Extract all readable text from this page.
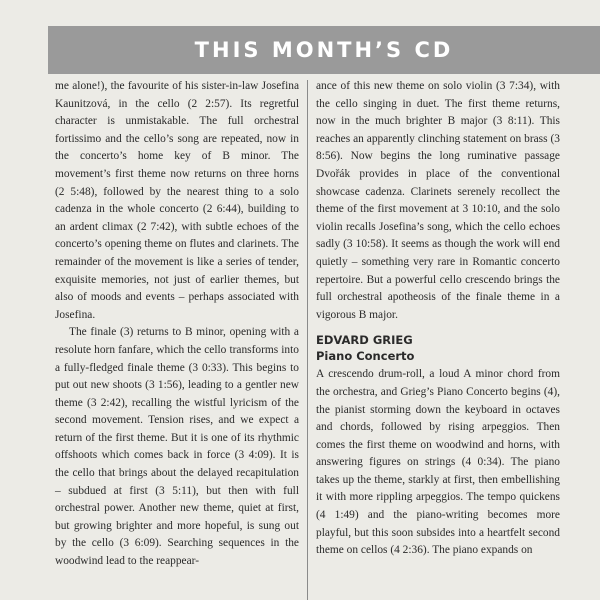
THIS MONTH’S CD

me alone!), the favourite of his sister-in-law Josefina Kaunitzová, in the cello (2 2:57). Its regretful character is unmistakable. The full orchestral fortissimo and the cello’s song are repeated, now in the concerto’s home key of B minor. The movement’s first theme now returns on three horns (2 5:48), followed by the nearest thing to a solo cadenza in the whole concerto (2 6:44), building to an ardent climax (2 7:42), with subtle echoes of the concerto’s opening theme on flutes and clarinets. The remainder of the movement is like a series of tender, exquisite memories, not just of earlier themes, but also of moods and events – perhaps associated with Josefina.

The finale (3) returns to B minor, opening with a resolute horn fanfare, which the cello transforms into a fully-fledged finale theme (3 0:33). This begins to put out new shoots (3 1:56), leading to a gentler new theme (3 2:42), recalling the wistful lyricism of the second movement. Tension rises, and we expect a return of the first theme. But it is one of its rhythmic offshoots which comes back in force (3 4:09). It is the cello that brings about the delayed recapitulation – subdued at first (3 5:11), but then with full orchestral power. Another new theme, quiet at first, but growing brighter and more hopeful, is sung out by the cello (3 6:09). Searching sequences in the woodwind lead to the reappear-

ance of this new theme on solo violin (3 7:34), with the cello singing in duet. The first theme returns, now in the much brighter B major (3 8:11). This reaches an apparently clinching statement on brass (3 8:56). Now begins the long ruminative passage Dvořák provides in place of the conventional showcase cadenza. Clarinets serenely recollect the theme of the first movement at 3 10:10, and the solo violin recalls Josefina’s song, which the cello echoes sadly (3 10:58). It seems as though the work will end quietly – something very rare in Romantic concerto repertoire. But a powerful cello crescendo brings the full orchestral apotheosis of the finale theme in a vigorous B major.

EDVARD GRIEG
Piano Concerto

A crescendo drum-roll, a loud A minor chord from the orchestra, and Grieg’s Piano Concerto begins (4), the pianist storming down the keyboard in octaves and chords, followed by rising arpeggios. Then comes the first theme on woodwind and horns, with answering figures on strings (4 0:34). The piano takes up the theme, starkly at first, then embellishing it with more rippling arpeggios. The tempo quickens (4 1:49) and the piano-writing becomes more playful, but this soon subsides into a heartfelt second theme on cellos (4 2:36). The piano expands on
